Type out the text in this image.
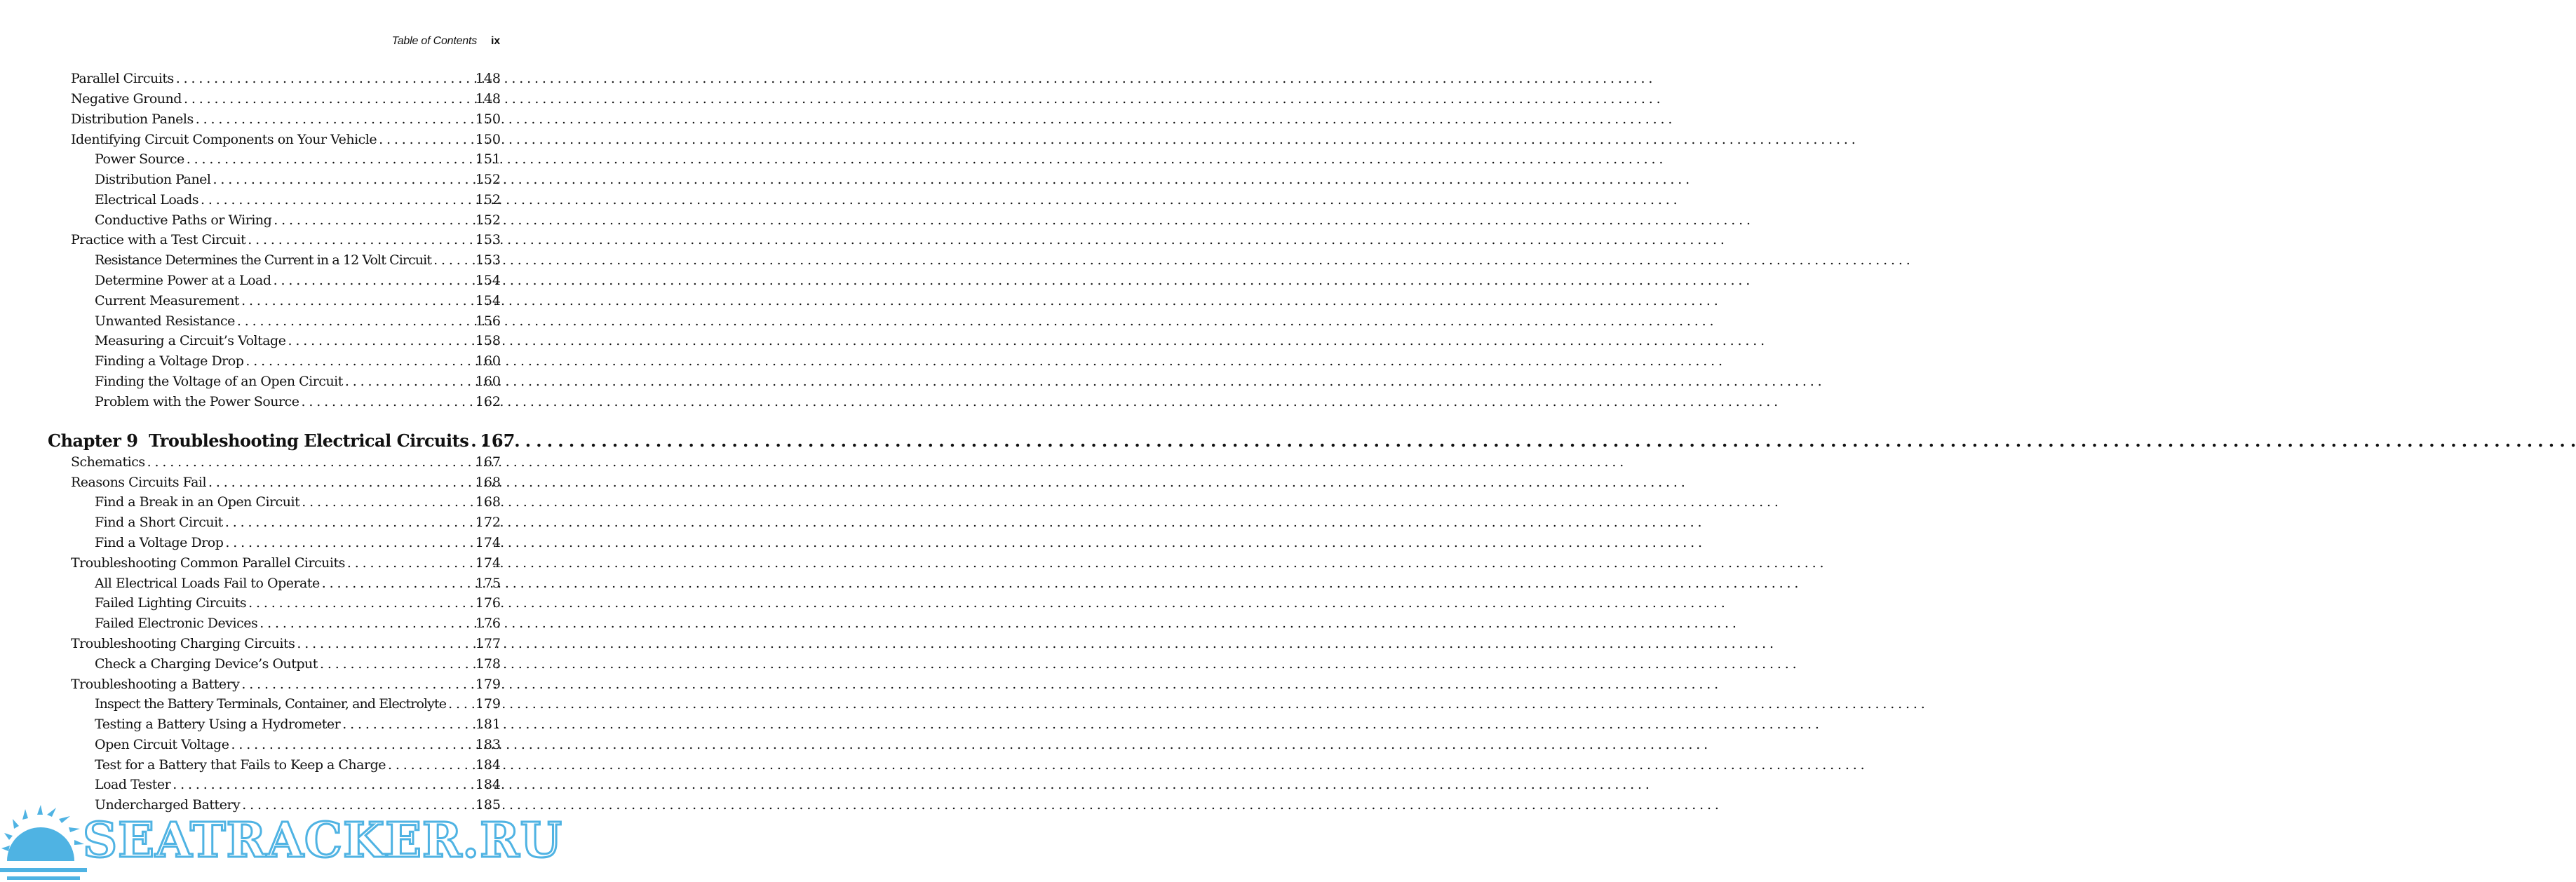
Table of Contents ix
Parallel Circuits . . .	148
Negative Ground . . .	148
Distribution Panels . . .	150
Identifying Circuit Components on Your Vehicle . . .	150
Power Source . . .	151
Distribution Panel . . .	152
Electrical Loads . . .	152
Conductive Paths or Wiring . . .	152
Practice with a Test Circuit . . .	153
Resistance Determines the Current in a 12 Volt Circuit . . .	153
Determine Power at a Load . . .	154
Current Measurement . . .	154
Unwanted Resistance . . .	156
Measuring a Circuit’s Voltage . . .	158
Finding a Voltage Drop . . .	160
Finding the Voltage of an Open Circuit . . .	160
Problem with the Power Source . . .	162
Chapter 9  Troubleshooting Electrical Circuits . . . 167
Schematics . . .	167
Reasons Circuits Fail . . .	168
Find a Break in an Open Circuit . . .	168
Find a Short Circuit . . .	172
Find a Voltage Drop . . .	174
Troubleshooting Common Parallel Circuits . . .	174
All Electrical Loads Fail to Operate . . .	175
Failed Lighting Circuits . . .	176
Failed Electronic Devices . . .	176
Troubleshooting Charging Circuits . . .	177
Check a Charging Device’s Output . . .	178
Troubleshooting a Battery . . .	179
Inspect the Battery Terminals, Container, and Electrolyte . . . 179
Testing a Battery Using a Hydrometer . . .	181
Open Circuit Voltage . . .	183
Test for a Battery that Fails to Keep a Charge . . .	184
Load Tester . . .	184
Undercharged Battery . . .	185
SEATRACKER.RU
